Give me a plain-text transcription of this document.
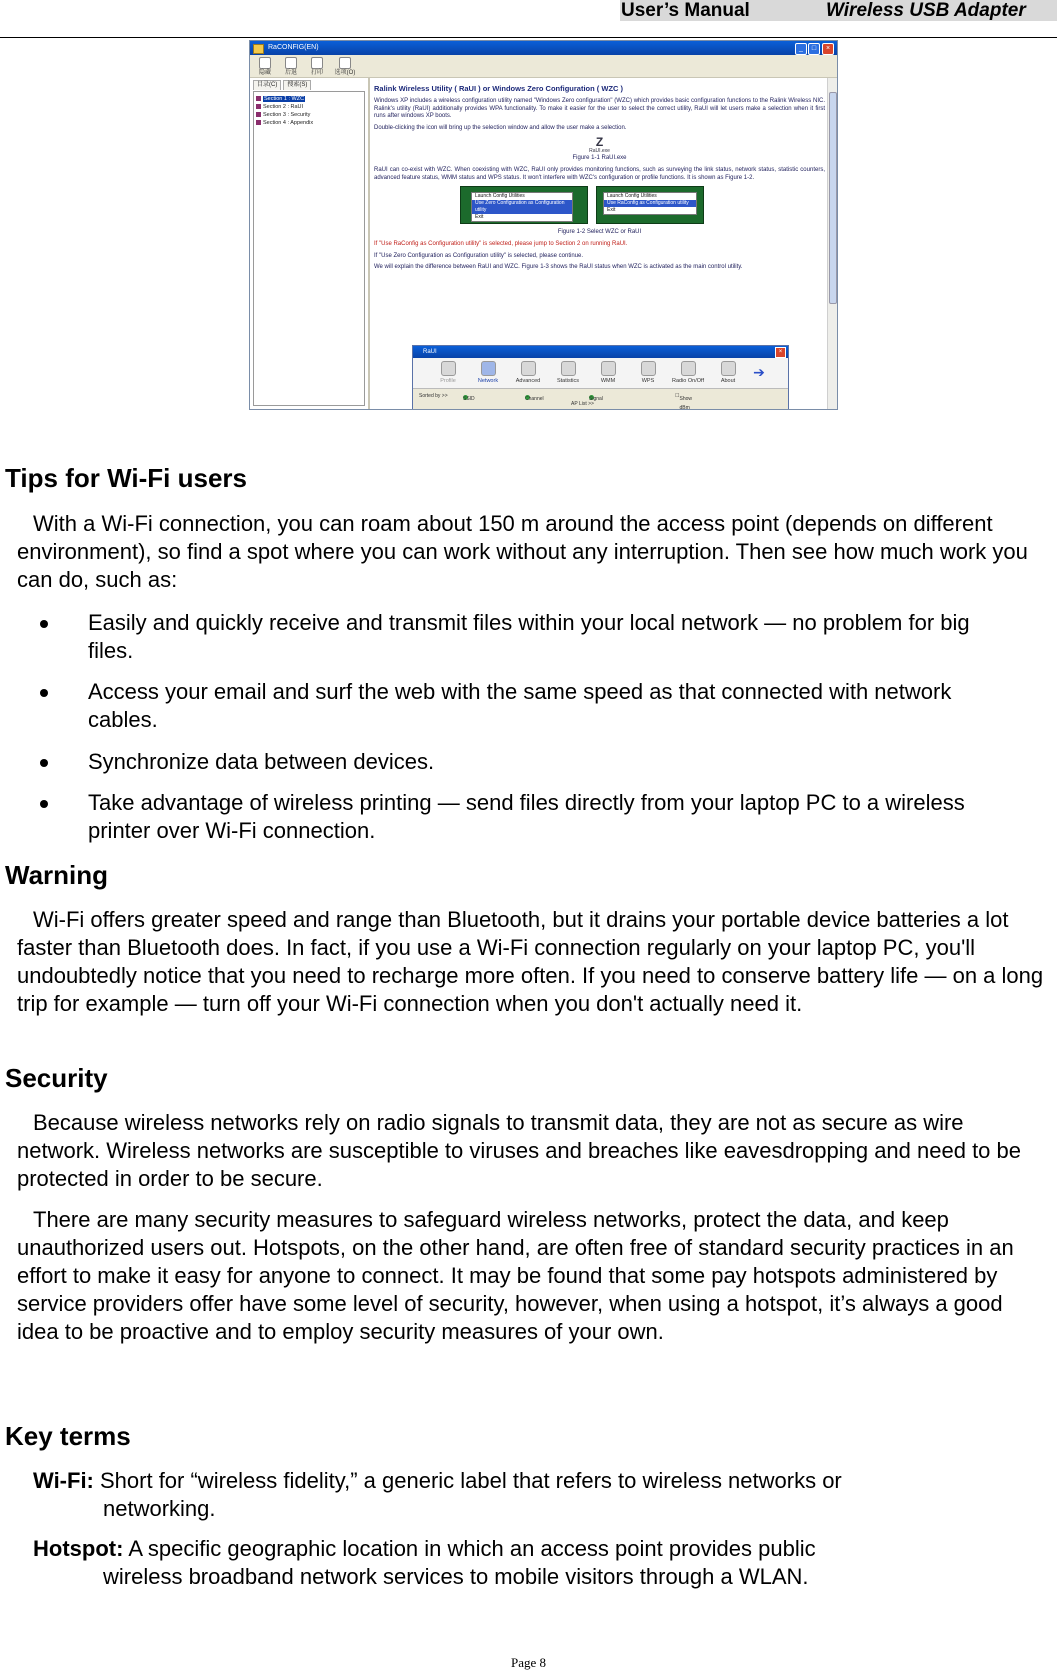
User’s Manual	Wireless USB Adapter
RaCONFIG(EN)	_	□	×
隐藏	后退	打印	选项(O)
目录(C) 搜索(S)
Section 1 : WZC
Section 2 : RaUI
Section 3 : Security
Section 4 : Appendix
Ralink Wireless Utility ( RaUI ) or Windows Zero Configuration ( WZC )

Windows XP includes a wireless configuration utility named "Windows Zero configuration" (WZC) which provides basic configuration functions to the Ralink Wireless NIC. Ralink's utility (RaUI) additionally provides WPA functionality. To make it easier for the user to select the correct utility, RaUI will let users make a selection when it first runs after windows XP boots.

Double-clicking the icon will bring up the selection window and allow the user make a selection.

Z
RaUI.exe

Figure 1-1 RaUI.exe

RaUI can co-exist with WZC. When coexisting with WZC, RaUI only provides monitoring functions, such as surveying the link status, network status, statistic counters, advanced feature status, WMM status and WPS status. It won't interfere with WZC's configuration or profile functions. It is shown as Figure 1-2.

Launch Config Utilities
Use Zero Configuration as Configuration utility
Exit
Launch Config Utilities
Use RaConfig as Configuration utility
Exit

Figure 1-2 Select WZC or RaUI

If "Use RaConfig as Configuration utility" is selected, please jump to Section 2 on running RaUI.

If "Use Zero Configuration as Configuration utility" is selected, please continue.

We will explain the difference between RaUI and WZC. Figure 1-3 shows the RaUI status when WZC is activated as the main control utility.

RaUI	×
Profile	Network	Advanced	Statistics	WMM	WPS	Radio On/Off	About
➔
Sorted by >>	SSID	Channel	Signal	☐ Show dBm
AP List >>
Tips for Wi-Fi users

With a Wi-Fi connection, you can roam about 150 m around the access point (depends on different environment), so find a spot where you can work without any interruption. Then see how much work you can do, such as:

Easily and quickly receive and transmit files within your local network — no problem for big files.
Access your email and surf the web with the same speed as that connected with network cables.
Synchronize data between devices.
Take advantage of wireless printing — send files directly from your laptop PC to a wireless printer over Wi-Fi connection.
Warning

Wi-Fi offers greater speed and range than Bluetooth, but it drains your portable device batteries a lot faster than Bluetooth does. In fact, if you use a Wi-Fi connection regularly on your laptop PC, you'll undoubtedly notice that you need to recharge more often. If you need to conserve battery life — on a long trip for example — turn off your Wi-Fi connection when you don't actually need it.

Security

Because wireless networks rely on radio signals to transmit data, they are not as secure as wire network. Wireless networks are susceptible to viruses and breaches like eavesdropping and need to be protected in order to be secure.

There are many security measures to safeguard wireless networks, protect the data, and keep unauthorized users out. Hotspots, on the other hand, are often free of standard security practices in an effort to make it easy for anyone to connect. It may be found that some pay hotspots administered by service providers offer have some level of security, however, when using a hotspot, it’s always a good idea to be proactive and to employ security measures of your own.

Key terms

Wi-Fi: Short for “wireless fidelity,” a generic label that refers to wireless networks or
networking.

Hotspot: A specific geographic location in which an access point provides public
wireless broadband network services to mobile visitors through a WLAN.

Page 8
